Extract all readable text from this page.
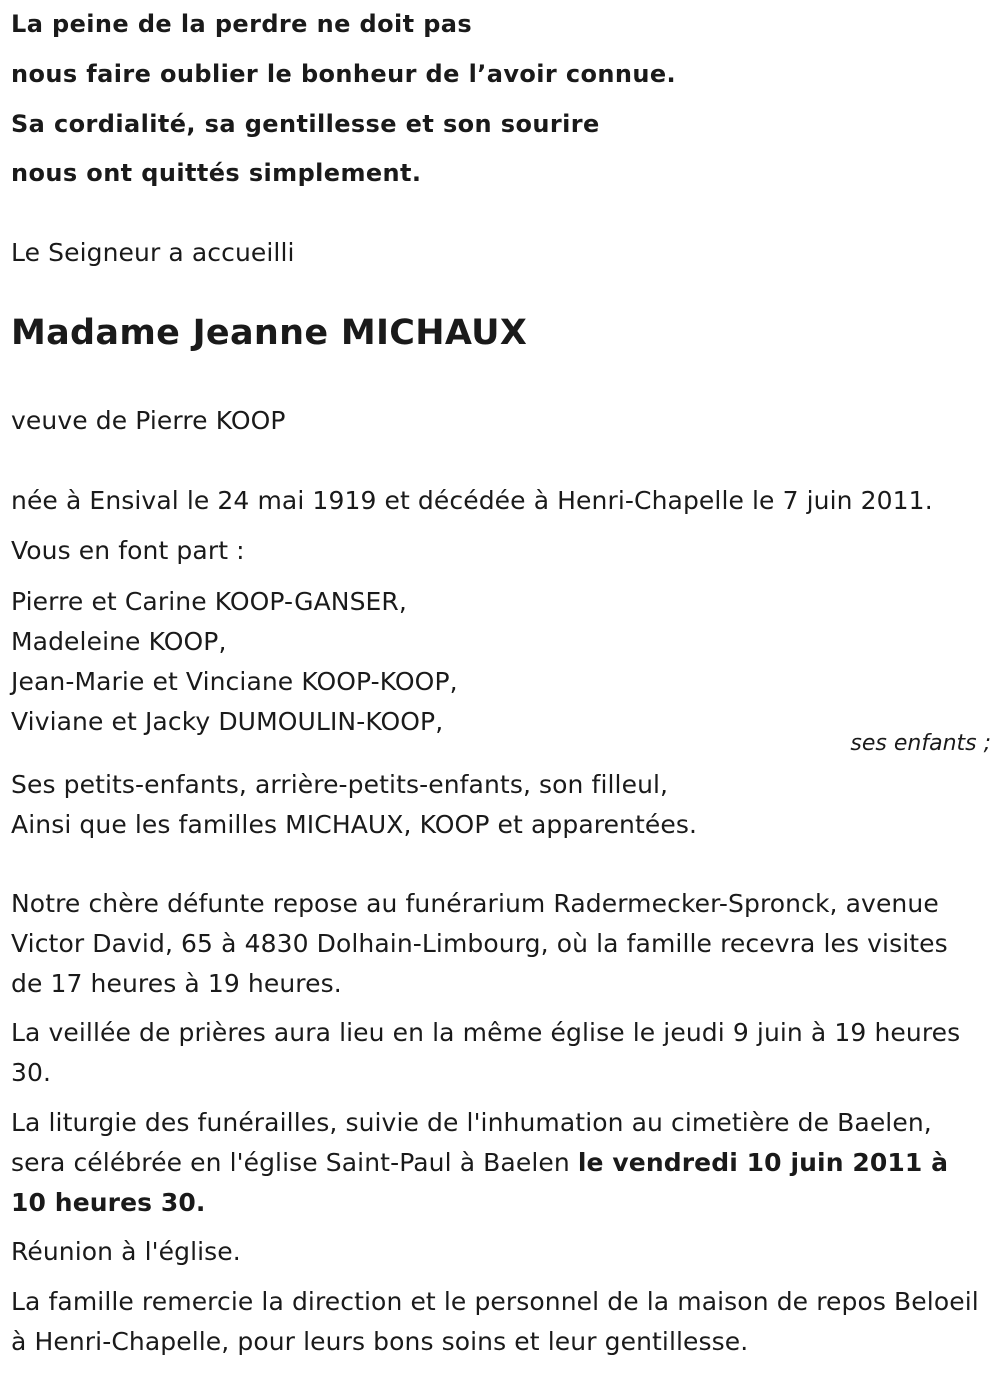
La peine de la perdre ne doit pas
nous faire oublier le bonheur de l’avoir connue.
Sa cordialité, sa gentillesse et son sourire
nous ont quittés simplement.
Le Seigneur a accueilli
Madame Jeanne MICHAUX
veuve de Pierre KOOP
née à Ensival le 24 mai 1919 et décédée à Henri-Chapelle le 7 juin 2011.
Vous en font part :
Pierre et Carine KOOP-GANSER,
Madeleine KOOP,
Jean-Marie et Vinciane KOOP-KOOP,
Viviane et Jacky DUMOULIN-KOOP,
ses enfants ;
Ses petits-enfants, arrière-petits-enfants, son filleul,
Ainsi que les familles MICHAUX, KOOP et apparentées.
Notre chère défunte repose au funérarium Radermecker-Spronck, avenue Victor David, 65 à 4830 Dolhain-Limbourg, où la famille recevra les visites de 17 heures à 19 heures.
La veillée de prières aura lieu en la même église le jeudi 9 juin à 19 heures 30.
La liturgie des funérailles, suivie de l'inhumation au cimetière de Baelen, sera célébrée en l'église Saint-Paul à Baelen le vendredi 10 juin 2011 à 10 heures 30.
Réunion à l'église.
La famille remercie la direction et le personnel de la maison de repos Beloeil à Henri-Chapelle, pour leurs bons soins et leur gentillesse.
